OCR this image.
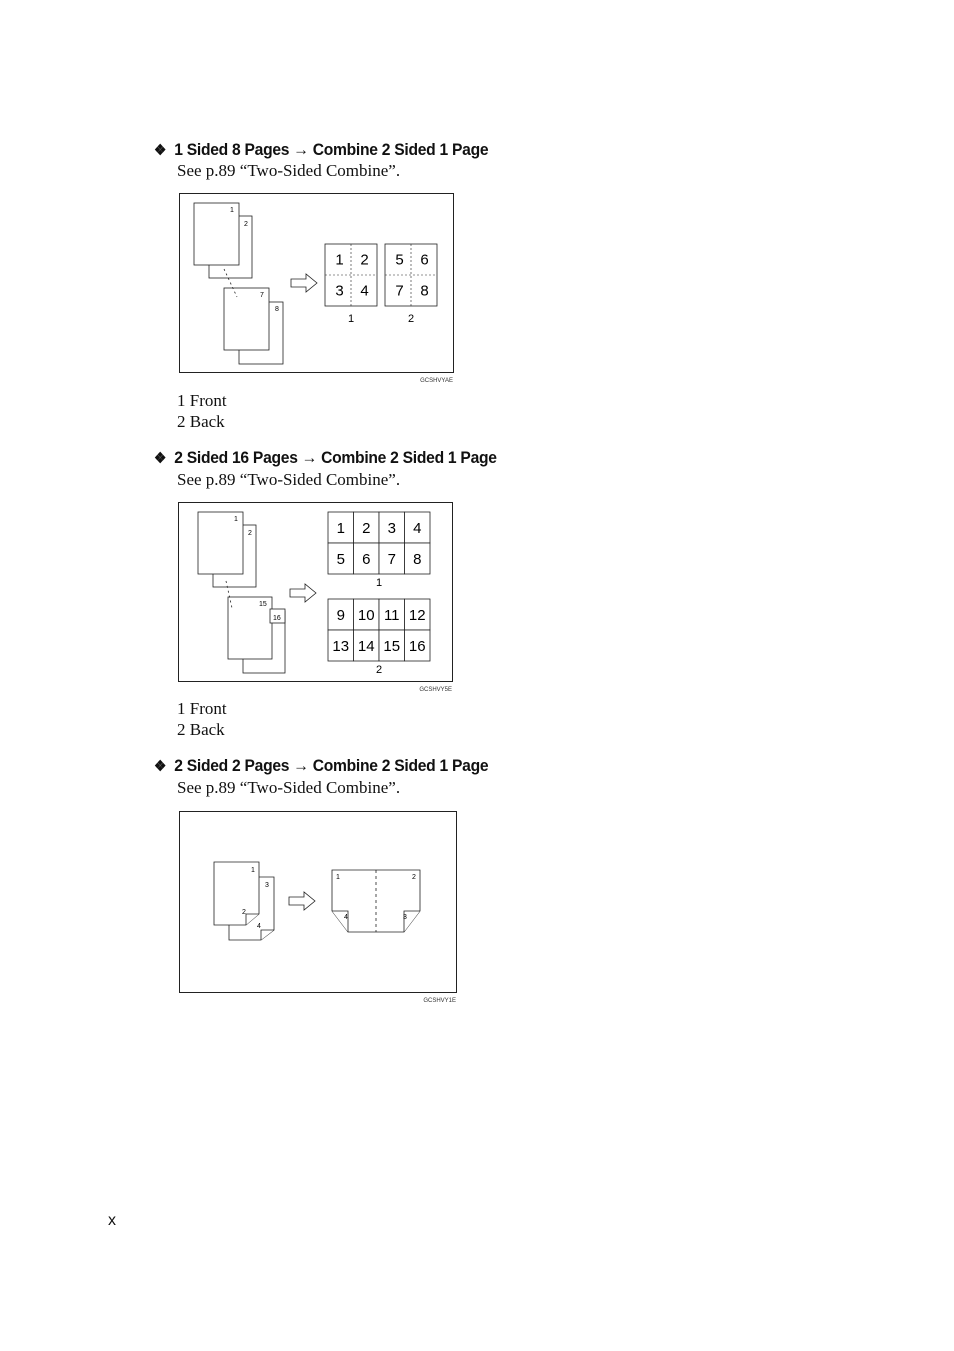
❖ 1 Sided 8 Pages → Combine 2 Sided 1 Page
See p.89 “Two-Sided Combine”.
1
2
7
8
1 2
3 4
1
5 6
7 8
2
GCSHVYAE
1 Front
2 Back
❖ 2 Sided 16 Pages → Combine 2 Sided 1 Page
See p.89 “Two-Sided Combine”.
1
2
15
16
1 2 3 4
5 6 7 8
1
9 10 11 12
13 14 15 16
2
GCSHVY5E
1 Front
2 Back
❖ 2 Sided 2 Pages → Combine 2 Sided 1 Page
See p.89 “Two-Sided Combine”.
1
3
2
4
1	2
4	3
GCSHVY1E
x
